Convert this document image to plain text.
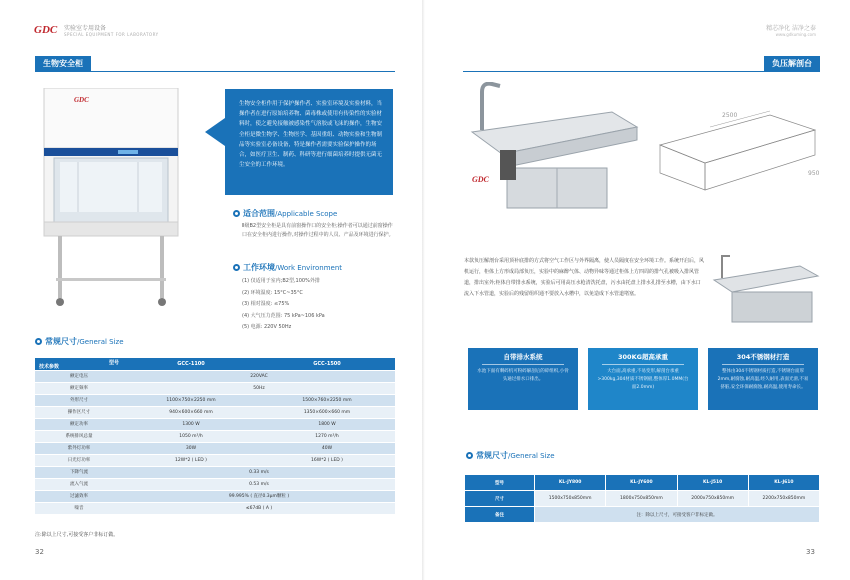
GDC 实验室专用设备
SPECIAL EQUIPMENT FOR LABORATORY
生物安全柜
GDC	生物安全柜作用于保护操作者、实验室环境及实验材料，当操作者在进行原始培养物、菌毒株或使用有传染性的实验材料时，使之避免接触被感染性气溶胶或飞沫的操作，生物安全柜是微生物学、生物医学、基因重组、动物实验和生物制品等实验室必备设备，特是操作者需要实验保护操作的场合，如医疗卫生、制药、科研等进行细菌培养时提供无菌无尘安全的工作环境。
适合范围/Applicable Scope
Ⅱ级B2型安全柜是具有前窗操作口的安全柜;操作者可以通过前窗操作口在安全柜内进行操作,对操作过程中的人员、产品及环境进行保护。
工作环境/Work Environment
(1) 仅适用于室内;B2型,100%外排
(2) 环境温度: 15°C~35°C
(3) 相对湿度: ≤75%
(4) 大气压力范围: 75 kPa~106 kPa
(5) 电源: 220V 50Hz
常规尺寸/General Size
技术参数
型号	GCC-1100	GCC-1500
额定电压	220VAC	
额定频率	50Hz	
外形尺寸	1100×750×2250 mm	1500×760×2250 mm
操作区尺寸	940×600×660 mm	1350×600×660 mm
额定功率	1300 W	1800 W
系统排风总量	1050 m³/h	1270 m³/h
紫外灯功率	30W	40W
日光灯功率	12W*2 ( LED )	16W*2 ( LED )
下降气流	0.33 m/s	
流入气流	0.53 m/s	
过滤效率	99.995% ( 直径0.3μm颗粒 )	
噪音	≤67dB ( A )	
注:除以上尺寸,可接受客户非标订做。
32
精芯净化 洁净之泰
www.gdkuming.com
负压解剖台
GDC
2500
950
本款负压解剖台采用顶补底排的方式将空气工作区与外界隔离，使人员隔度在安全环境工作。系统开启后，风机运行，柜体上方形成局部负压，实验中的麻醉气体、动物异味等通过柜体上方四周的排气孔被吸入排风管道，排出室外;柜体自带排水系统，实验后可用高压水枪清洗托盘，污水由托盘上排水孔排至水槽，由下水口流入下水管道，实验后的残留组织通不要放入水槽中，以免造成下水管道堵塞。
自带排水系统
水池下面有剩碎机可粉碎解剖后的碎组织,小骨头通过排水口排出。
300KG超高承重
大台面,高承重,不易变形,解剖台承重>300kg,304材质不锈钢板,整体厚1.0MM(台面2.0mm)
304不锈钢材打造
整体由304不锈钢材质打造,不锈钢台面厚2mm,耐腐蚀,耐高温,经久耐用,表面光滑,不易挤脏,安全环保耐腐蚀,耐高温,使用寿命长。
常规尺寸/General Size
型号	KL-JY800	KL-JY600	KL-J510	KL-J610
尺寸	1500x750x850mm	1800x750x850mm	2000x750x850mm	2200x750x850mm
备注	注：除以上尺寸，可接受客户非标定做。			
33
